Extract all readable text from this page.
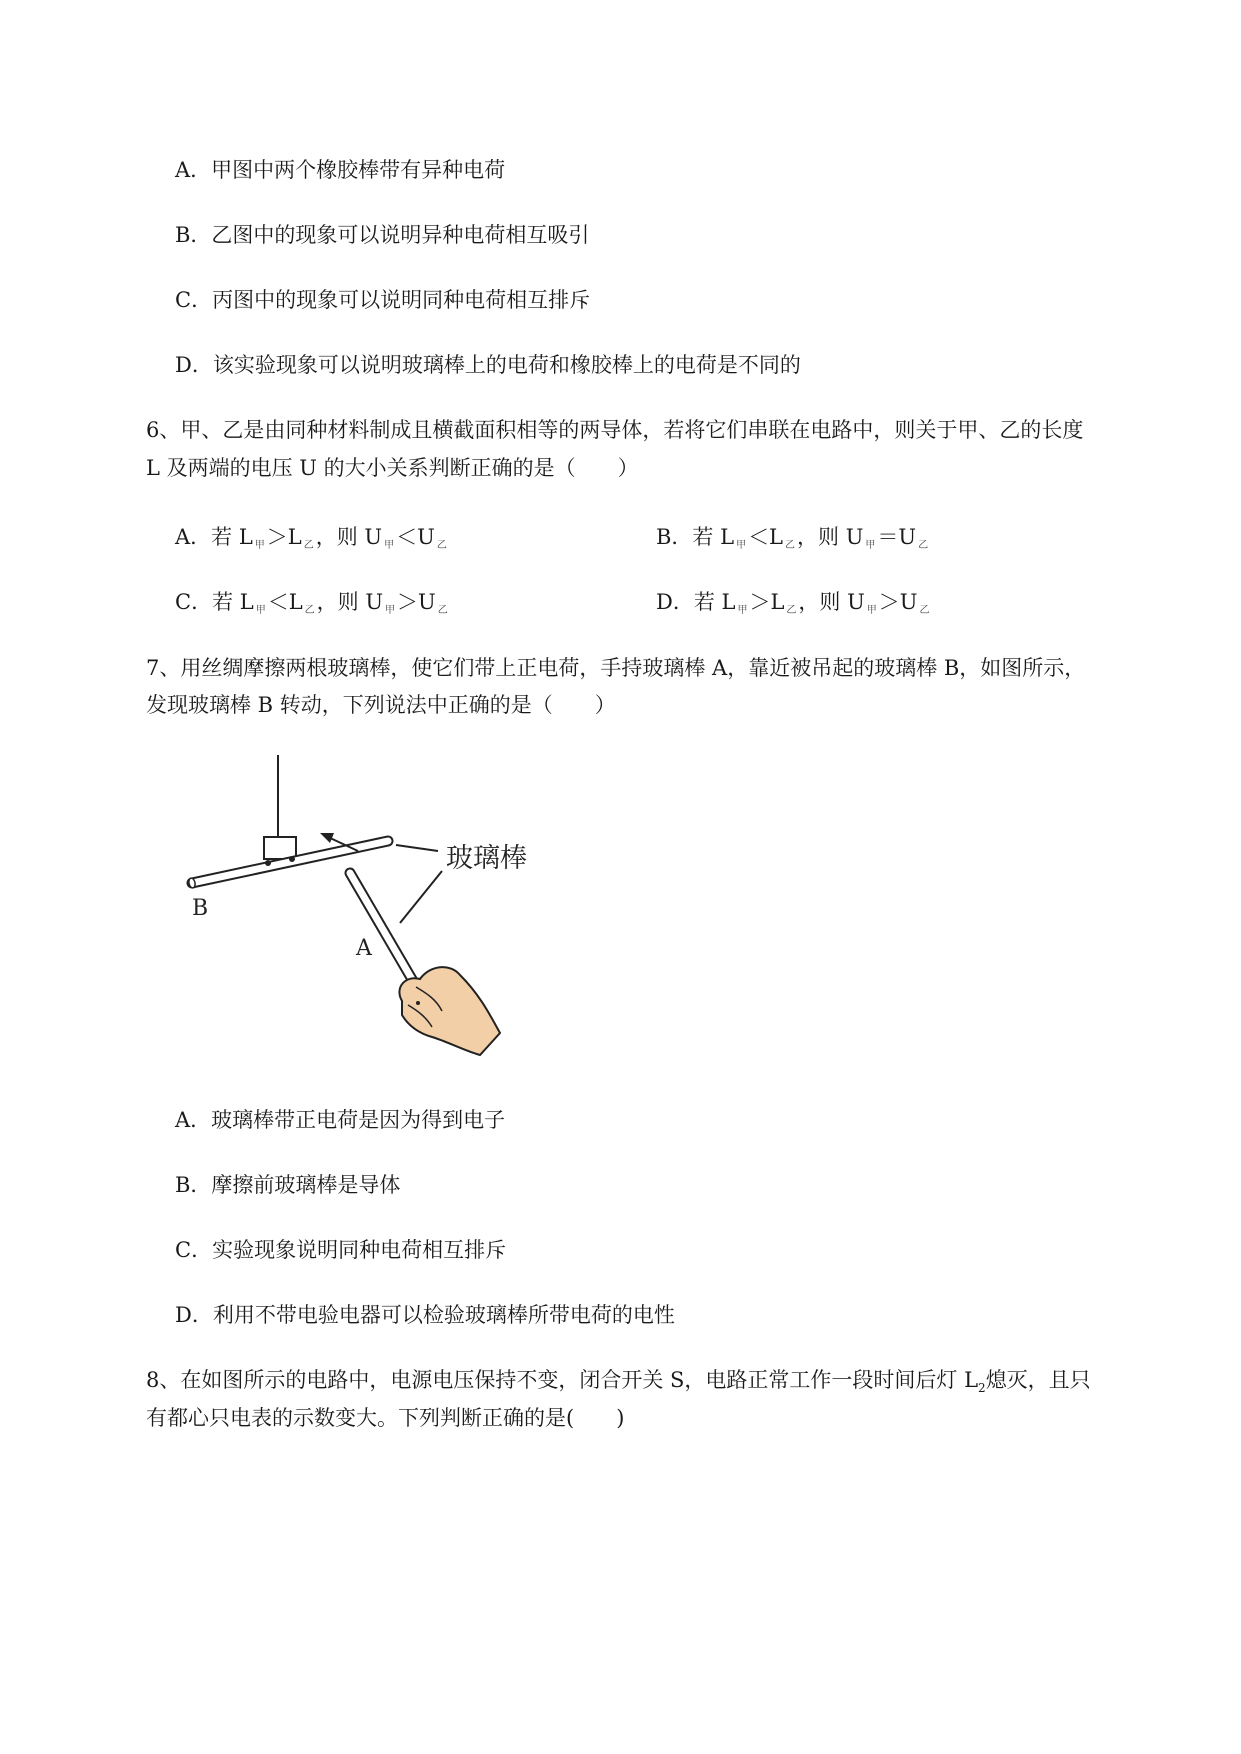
A．甲图中两个橡胶棒带有异种电荷
B．乙图中的现象可以说明异种电荷相互吸引
C．丙图中的现象可以说明同种电荷相互排斥
D．该实验现象可以说明玻璃棒上的电荷和橡胶棒上的电荷是不同的
6、甲、乙是由同种材料制成且横截面积相等的两导体，若将它们串联在电路中，则关于甲、乙的长度
L 及两端的电压 U 的大小关系判断正确的是（　　）
A．若 L $_甲$＞L $_乙$，则 U $_甲$＜U $_乙$	B．若 L $_甲$＜L $_乙$，则 U $_甲$＝U $_乙$
C．若 L $_甲$＜L $_乙$，则 U $_甲$＞U $_乙$	D．若 L $_甲$＞L $_乙$，则 U $_甲$＞U $_乙$
7、用丝绸摩擦两根玻璃棒，使它们带上正电荷，手持玻璃棒 A，靠近被吊起的玻璃棒 B，如图所示，
发现玻璃棒 B 转动，下列说法中正确的是（　　）
玻璃棒
A
B
A．玻璃棒带正电荷是因为得到电子
B．摩擦前玻璃棒是导体
C．实验现象说明同种电荷相互排斥
D．利用不带电验电器可以检验玻璃棒所带电荷的电性
8、在如图所示的电路中，电源电压保持不变，闭合开关 S，电路正常工作一段时间后灯 $L_2$熄灭，且只
有都心只电表的示数变大。下列判断正确的是(　　)
